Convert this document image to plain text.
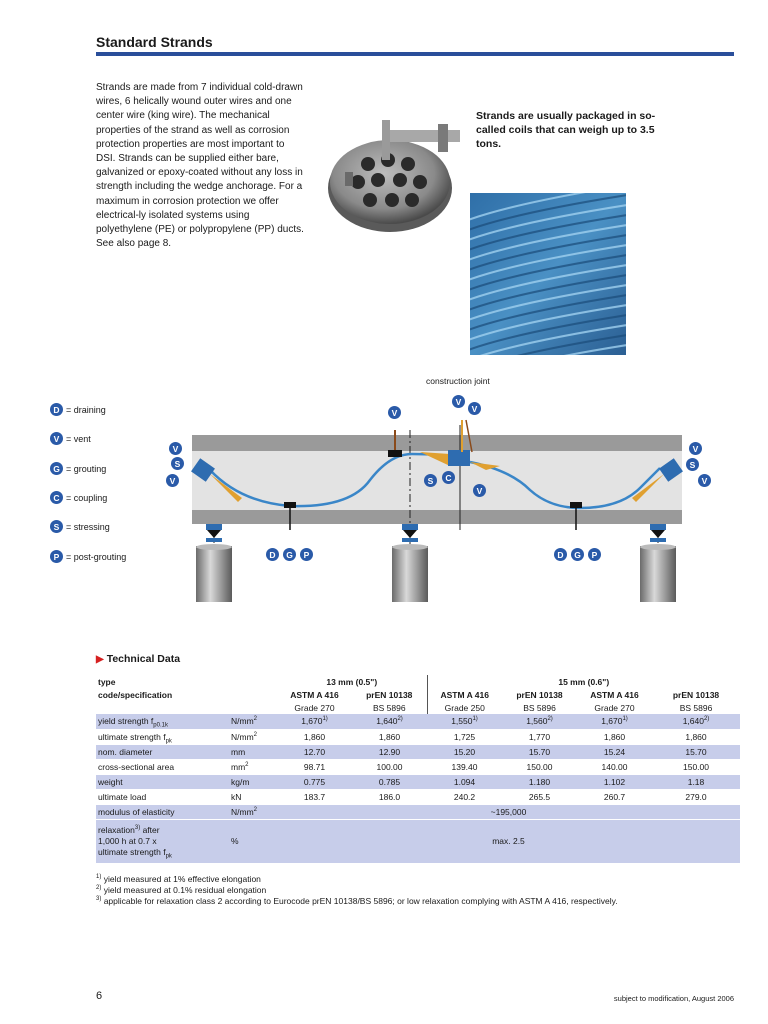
Standard Strands
Strands are made from 7 individual cold-drawn wires, 6 helically wound outer wires and one center wire (king wire). The mechanical properties of the strand as well as corrosion protection properties are most important to DSI. Strands can be supplied either bare, galvanized or epoxy-coated without any loss in strength including the wedge anchorage. For a maximum in corrosion protection we offer electrical-ly isolated systems using polyethylene (PE) or polypropylene (PP) ducts. See also page 8.
Strands are usually packaged in so-called coils that can weigh up to 3.5 tons.
D = draining
V = vent
G = grouting
C = coupling
S = stressing
P = post-grouting
construction joint
V
V
V
V
S
V
V
S
V
S	C
V
D	G	P	D	G	P
▶ Technical Data
type		13 mm (0.5")		15 mm (0.6")			
code/specification		ASTM A 416	prEN 10138	ASTM A 416	prEN 10138	ASTM A 416	prEN 10138
		Grade 270	BS 5896	Grade 250	BS 5896	Grade 270	BS 5896
yield strength $f_{p0.1k}$	$N/mm^2$	1,670$^{1)}$	1,640$^{2)}$	1,550$^{1)}$	1,560$^{2)}$	1,670$^{1)}$	1,640$^{2)}$
ultimate strength $f_{pk}$	$N/mm^2$	1,860	1,860	1,725	1,770	1,860	1,860
nom. diameter	mm	12.70	12.90	15.20	15.70	15.24	15.70
cross-sectional area	$mm^2$	98.71	100.00	139.40	150.00	140.00	150.00
weight	kg/m	0.775	0.785	1.094	1.180	1.102	1.18
ultimate load	kN	183.7	186.0	240.2	265.5	260.7	279.0
modulus of elasticity	$N/mm^2$	~195,000					
relaxation$^{3)}$ after
1,000 h at 0.7 x
ultimate strength $f_{pk}$	%	max. 2.5					
$^{1)}$ yield measured at 1% effective elongation
$^{2)}$ yield measured at 0.1% residual elongation
$^{3)}$ applicable for relaxation class 2 according to Eurocode prEN 10138/BS 5896; or low relaxation complying with ASTM A 416, respectively.
6	subject to modification, August 2006
